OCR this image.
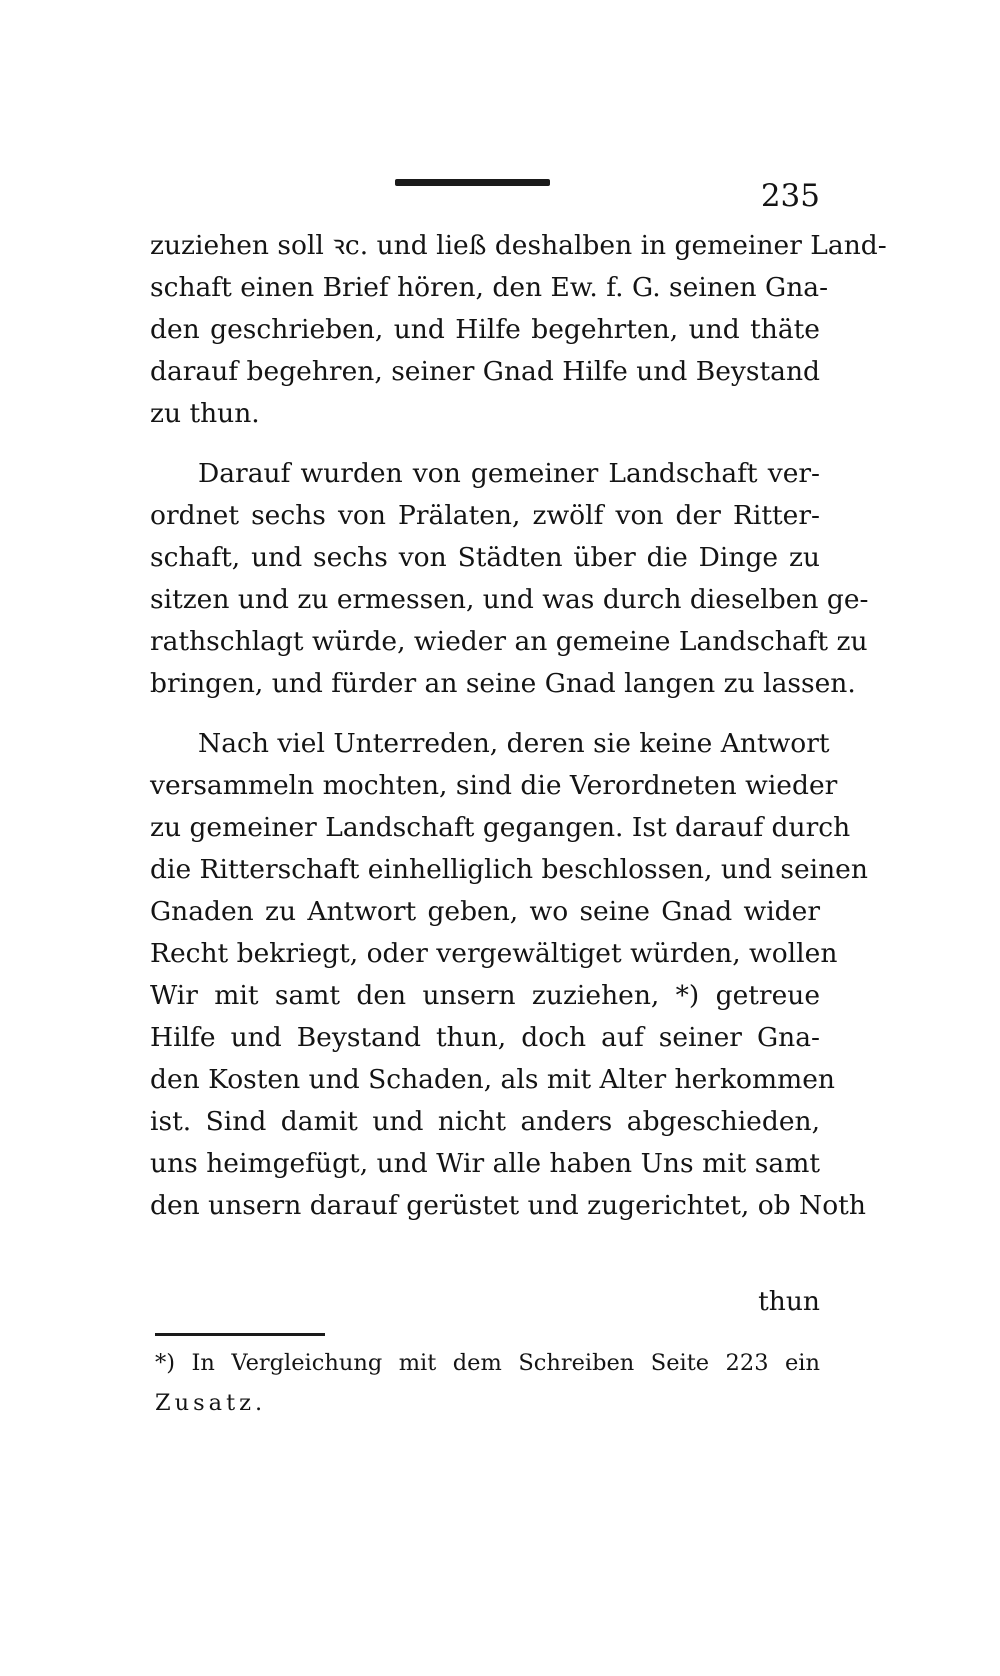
235
zuziehen soll ꝛc. und ließ deshalben in gemeiner Land-
schaft einen Brief hören, den Ew. f. G. seinen Gna-
den geschrieben, und Hilfe begehrten, und thäte
darauf begehren, seiner Gnad Hilfe und Beystand
zu thun.
Darauf wurden von gemeiner Landschaft ver-
ordnet sechs von Prälaten, zwölf von der Ritter-
schaft, und sechs von Städten über die Dinge zu
sitzen und zu ermessen, und was durch dieselben ge-
rathschlagt würde, wieder an gemeine Landschaft zu
bringen, und fürder an seine Gnad langen zu lassen.
Nach viel Unterreden, deren sie keine Antwort
versammeln mochten, sind die Verordneten wieder
zu gemeiner Landschaft gegangen. Ist darauf durch
die Ritterschaft einhelliglich beschlossen, und seinen
Gnaden zu Antwort geben, wo seine Gnad wider
Recht bekriegt, oder vergewältiget würden, wollen
Wir mit samt den unsern zuziehen, *) getreue
Hilfe und Beystand thun, doch auf seiner Gna-
den Kosten und Schaden, als mit Alter herkommen
ist. Sind damit und nicht anders abgeschieden,
uns heimgefügt, und Wir alle haben Uns mit samt
den unsern darauf gerüstet und zugerichtet, ob Noth
thun
*) In Vergleichung mit dem Schreiben Seite 223 ein
Zusatz.
